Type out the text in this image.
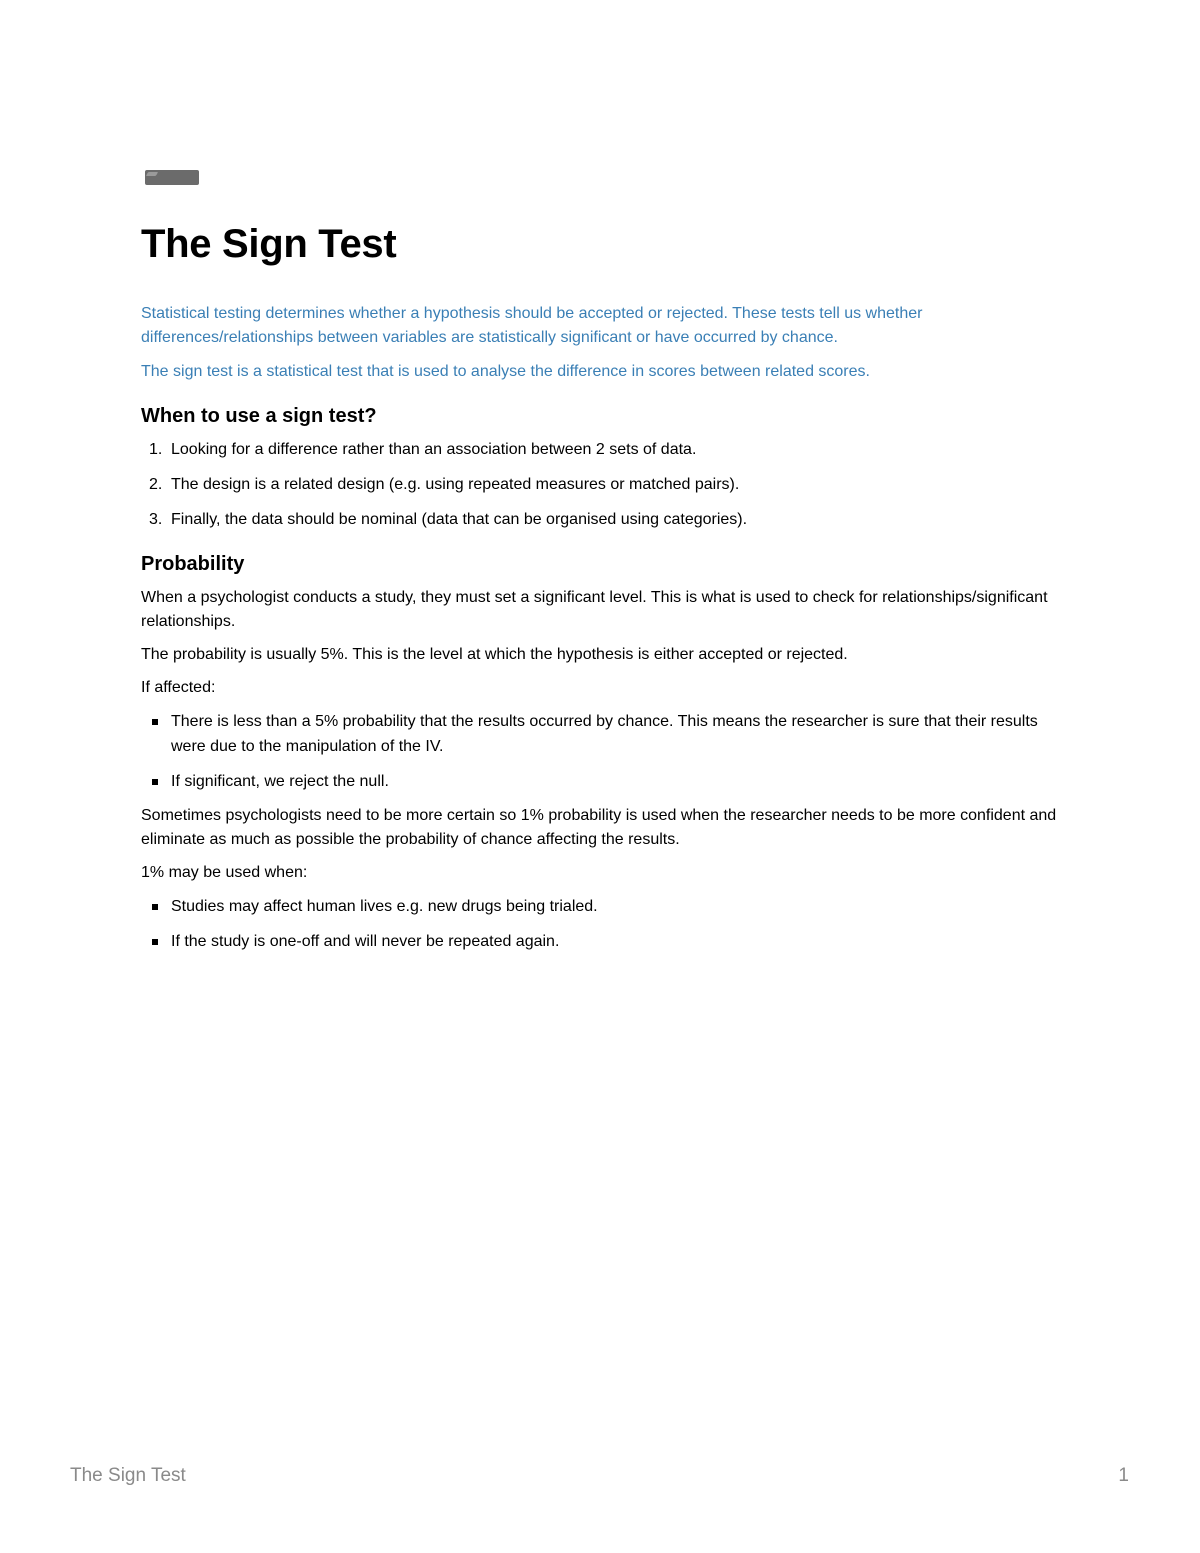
The Sign Test

Statistical testing determines whether a hypothesis should be accepted or rejected. These tests tell us whether differences/relationships between variables are statistically significant or have occurred by chance.

The sign test is a statistical test that is used to analyse the difference in scores between related scores.

When to use a sign test?
1. Looking for a difference rather than an association between 2 sets of data.
2. The design is a related design (e.g. using repeated measures or matched pairs).
3. Finally, the data should be nominal (data that can be organised using categories).
Probability

When a psychologist conducts a study, they must set a significant level. This is what is used to check for relationships/significant relationships.

The probability is usually 5%. This is the level at which the hypothesis is either accepted or rejected.

If affected:

There is less than a 5% probability that the results occurred by chance. This means the researcher is sure that their results were due to the manipulation of the IV.
If significant, we reject the null.

Sometimes psychologists need to be more certain so 1% probability is used when the researcher needs to be more confident and eliminate as much as possible the probability of chance affecting the results.

1% may be used when:

Studies may affect human lives e.g. new drugs being trialed.
If the study is one-off and will never be repeated again.
The Sign Test	1
